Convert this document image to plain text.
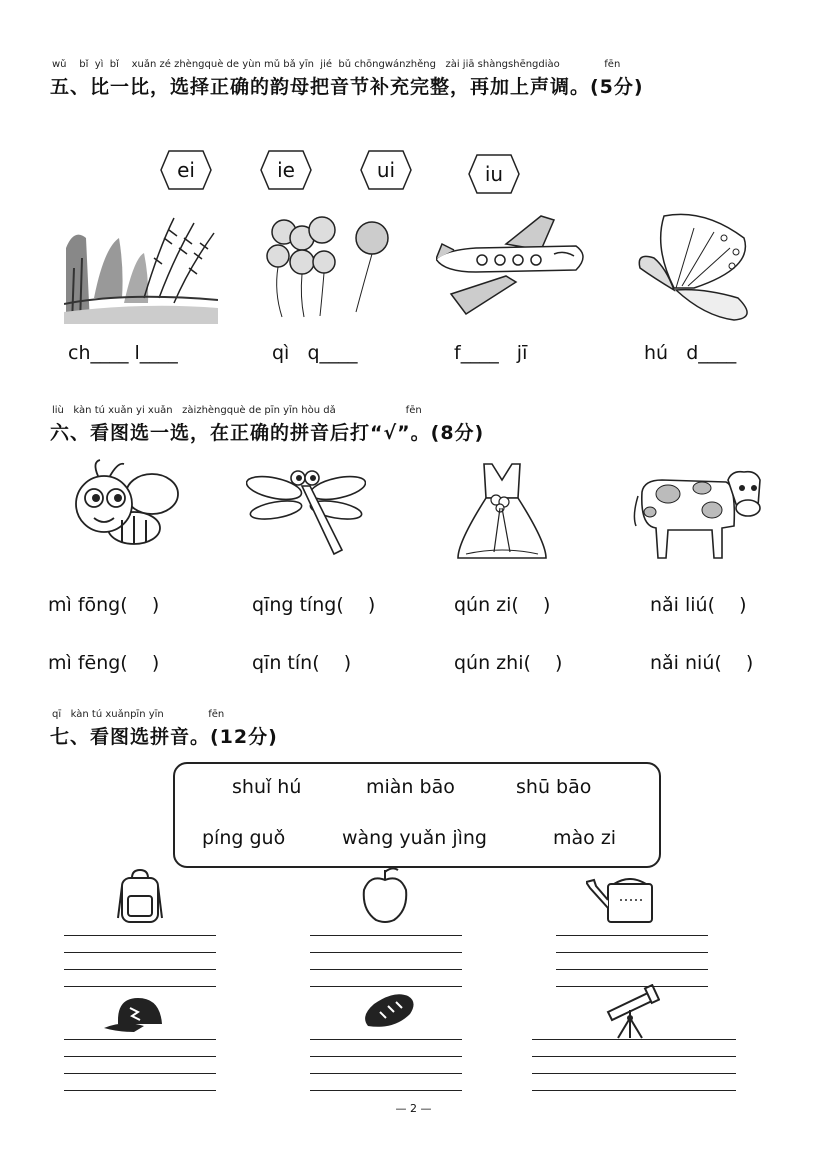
wǔ    bǐ  yì  bǐ    xuǎn zé zhèngquè de yùn mǔ bǎ yīn  jié  bǔ chōngwánzhěng   zài jiā shàngshēngdiào              fēn
五、比一比，选择正确的韵母把音节补充完整，再加上声调。(5分)
ei	ie	ui	iu
ch____ l____	qì   q____	f____   jī	hú   d____
liù   kàn tú xuǎn yi xuǎn   zàizhèngquè de pīn yīn hòu dǎ                      fēn
六、看图选一选，在正确的拼音后打“√”。(8分)
mì fōng(    )	qīng tíng(    )	qún zi(    )	nǎi liú(    )
mì fēng(    )	qīn tín(    )	qún zhi(    )	nǎi niú(    )
qī   kàn tú xuǎnpīn yīn              fēn
七、看图选拼音。(12分)
shuǐ hú	miàn bāo	shū bāo
píng guǒ	wàng yuǎn jìng	mào zi
— 2 —
